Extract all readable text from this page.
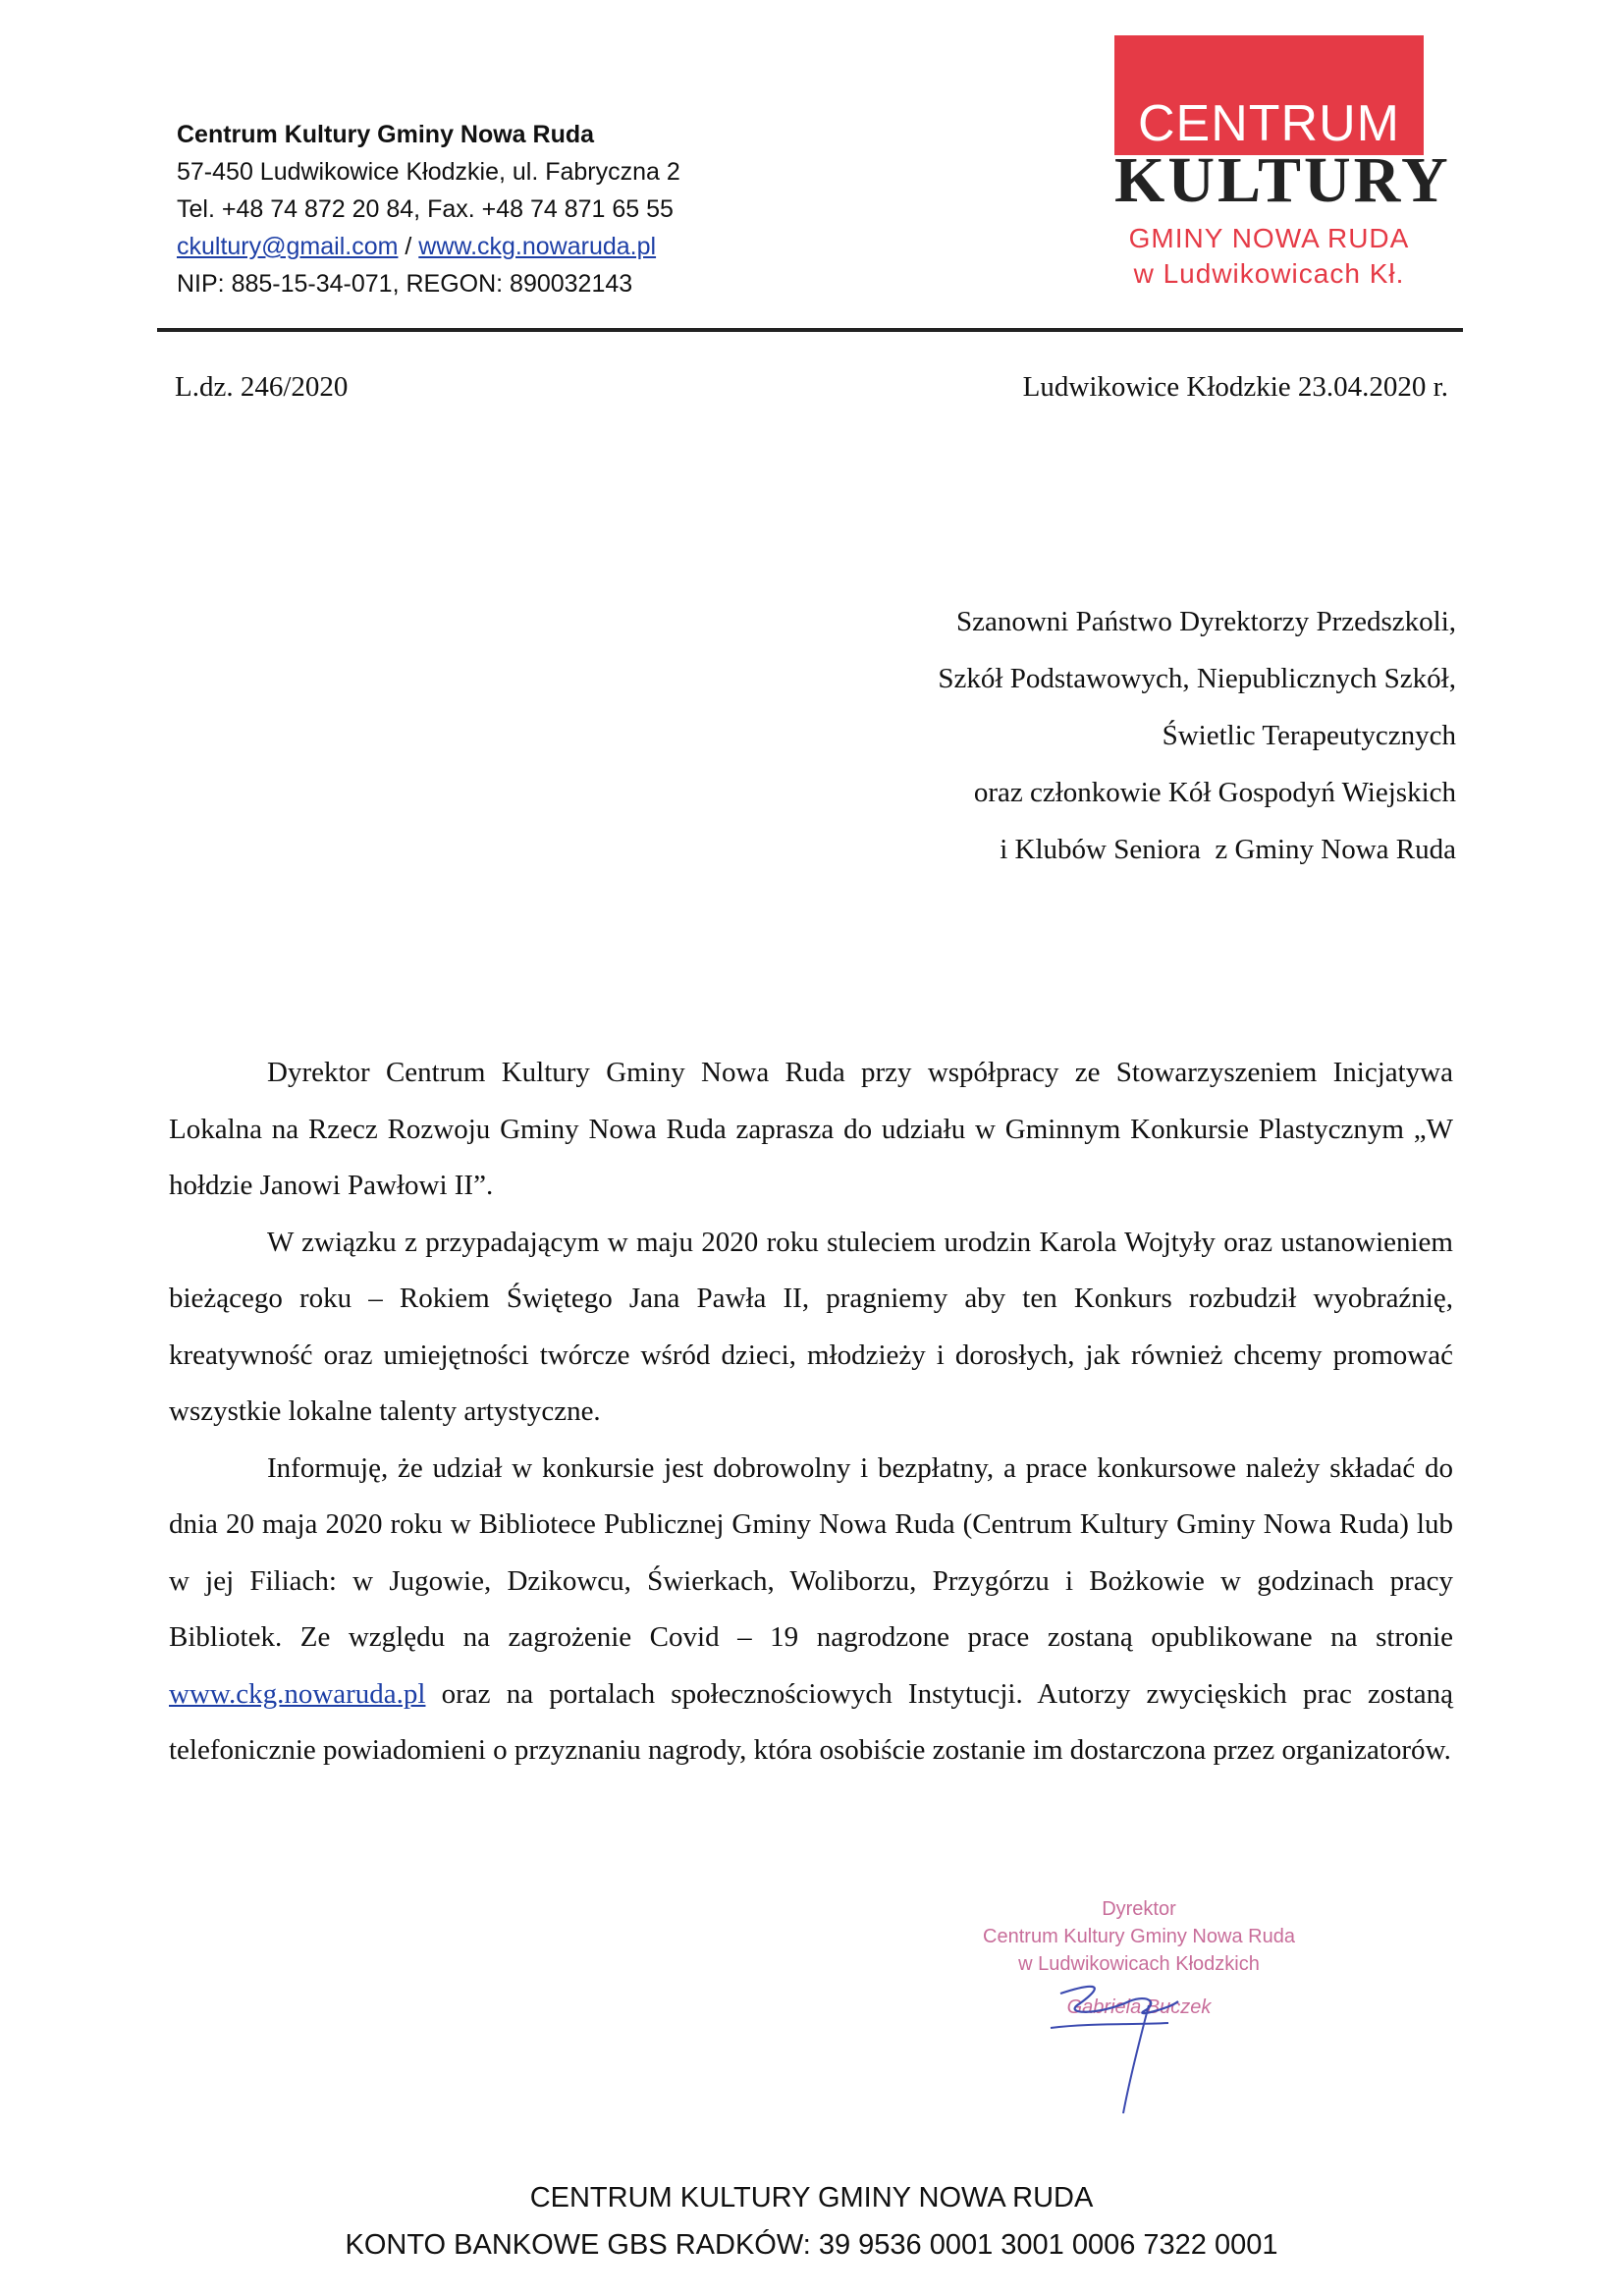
Centrum Kultury Gminy Nowa Ruda
57-450 Ludwikowice Kłodzkie, ul. Fabryczna 2
Tel. +48 74 872 20 84, Fax. +48 74 871 65 55
ckultury@gmail.com / www.ckg.nowaruda.pl
NIP: 885-15-34-071, REGON: 890032143
CENTRUM
KULTURY
GMINY NOWA RUDA
w Ludwikowicach Kł.
L.dz. 246/2020	Ludwikowice Kłodzkie 23.04.2020 r.
Szanowni Państwo Dyrektorzy Przedszkoli,
Szkół Podstawowych, Niepublicznych Szkół,
Świetlic Terapeutycznych
oraz członkowie Kół Gospodyń Wiejskich
i Klubów Seniora  z Gminy Nowa Ruda

Dyrektor Centrum Kultury Gminy Nowa Ruda przy współpracy ze Stowarzyszeniem Inicjatywa Lokalna na Rzecz Rozwoju Gminy Nowa Ruda zaprasza do udziału w Gminnym Konkursie Plastycznym „W hołdzie Janowi Pawłowi II”.

W związku z przypadającym w maju 2020 roku stuleciem urodzin Karola Wojtyły oraz ustanowieniem bieżącego roku – Rokiem Świętego Jana Pawła II, pragniemy aby ten Konkurs rozbudził wyobraźnię, kreatywność oraz umiejętności twórcze wśród dzieci, młodzieży i dorosłych, jak również chcemy promować wszystkie lokalne talenty artystyczne.

Informuję, że udział w konkursie jest dobrowolny i bezpłatny, a prace konkursowe należy składać do dnia 20 maja 2020 roku w Bibliotece Publicznej Gminy Nowa Ruda (Centrum Kultury Gminy Nowa Ruda) lub w jej Filiach: w Jugowie, Dzikowcu, Świerkach, Woliborzu, Przygórzu i Bożkowie w godzinach pracy Bibliotek. Ze względu na zagrożenie Covid – 19 nagrodzone prace zostaną opublikowane na stronie www.ckg.nowaruda.pl oraz na portalach społecznościowych Instytucji. Autorzy zwycięskich prac zostaną telefonicznie powiadomieni o przyznaniu nagrody, która osobiście zostanie im dostarczona przez organizatorów.

Dyrektor
Centrum Kultury Gminy Nowa Ruda
w Ludwikowicach Kłodzkich
Gabriela Buczek
CENTRUM KULTURY GMINY NOWA RUDA
KONTO BANKOWE GBS RADKÓW: 39 9536 0001 3001 0006 7322 0001
